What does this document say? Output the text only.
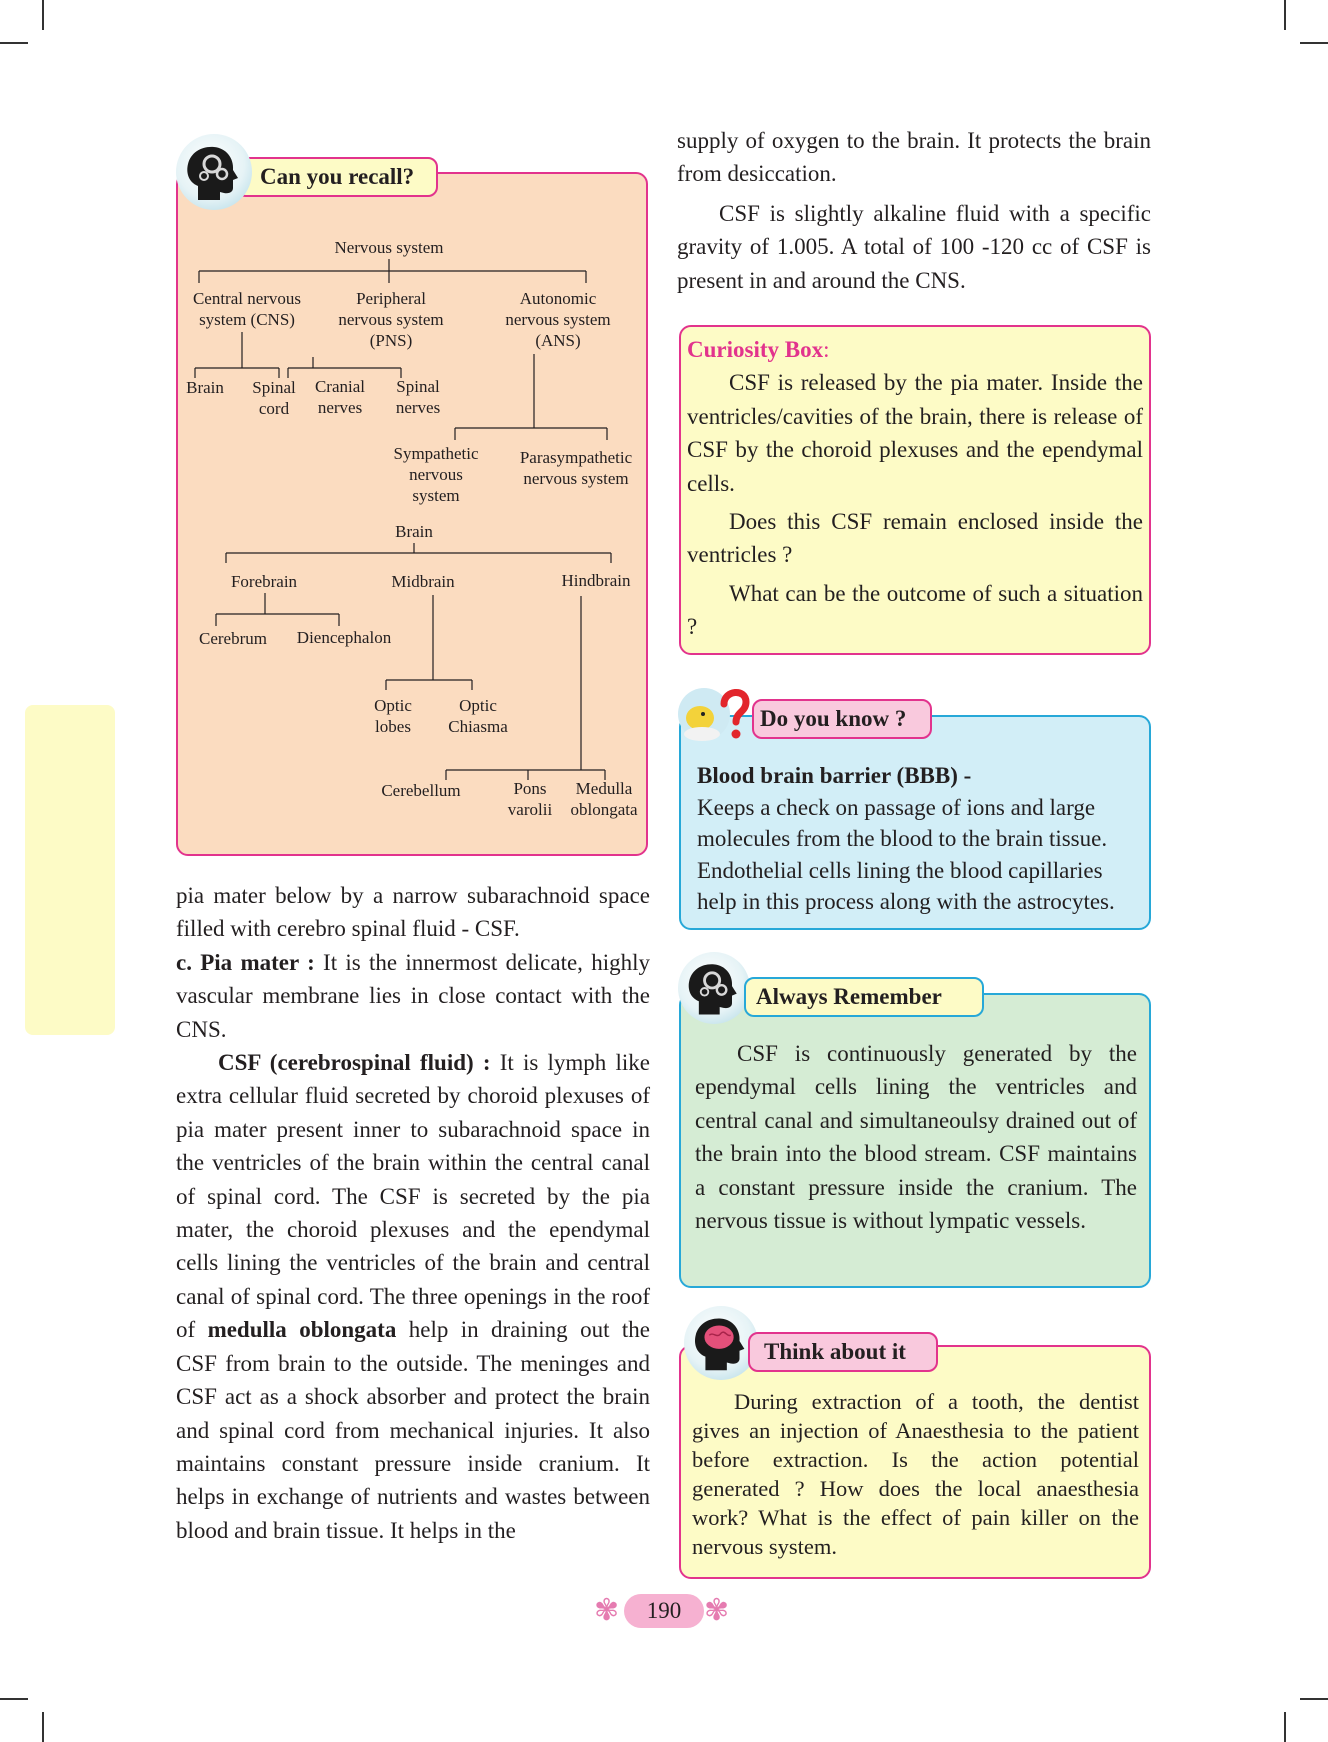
Can you recall?
Nervous system
Central nervous system (CNS)
Peripheral nervous system (PNS)
Autonomic nervous system (ANS)
Brain Spinal cord
Cranial nerves
Spinal nerves
Sympathetic nervous system
Parasympathetic nervous system
Brain
Forebrain	Midbrain	Hindbrain
Cerebrum Diencephalon
Optic lobes
Optic Chiasma
Cerebellum	Pons varolii
Medulla oblongata

pia mater below by a narrow subarachnoid space filled with cerebro spinal fluid - CSF.

c. Pia mater : It is the innermost delicate, highly vascular membrane lies in close contact with the CNS.

CSF (cerebrospinal fluid) : It is lymph like extra cellular fluid secreted by choroid plexuses of pia mater present inner to subarachnoid space in the ventricles of the brain within the central canal of spinal cord. The CSF is secreted by the pia mater, the choroid plexuses and the ependymal cells lining the ventricles of the brain and central canal of spinal cord. The three openings in the roof of medulla oblongata help in draining out the CSF from brain to the outside. The meninges and CSF act as a shock absorber and protect the brain and spinal cord from mechanical injuries. It also maintains constant pressure inside cranium. It helps in exchange of nutrients and wastes between blood and brain tissue. It helps in the

supply of oxygen to the brain. It protects the brain from desiccation.

CSF is slightly alkaline fluid with a specific gravity of 1.005. A total of 100 -120 cc of CSF is present in and around the CNS.

Curiosity Box:

CSF is released by the pia mater. Inside the ventricles/cavities of the brain, there is release of CSF by the choroid plexuses and the ependymal cells.

Does this CSF remain enclosed inside the ventricles ?

What can be the outcome of such a situation ?

Do you know ?

Blood brain barrier (BBB) -

Keeps a check on passage of ions and large molecules from the blood to the brain tissue. Endothelial cells lining the blood capillaries help in this process along with the astrocytes.

Always Remember
CSF is continuously generated by the ependymal cells lining the ventricles and central canal and simultaneoulsy drained out of the brain into the blood stream. CSF maintains a constant pressure inside the cranium. The nervous tissue is without lympatic vessels.
Think about it
During extraction of a tooth, the dentist gives an injection of Anaesthesia to the patient before extraction. Is the action potential generated ? How does the local anaesthesia work? What is the effect of pain killer on the nervous system.
✾	190 ✾
